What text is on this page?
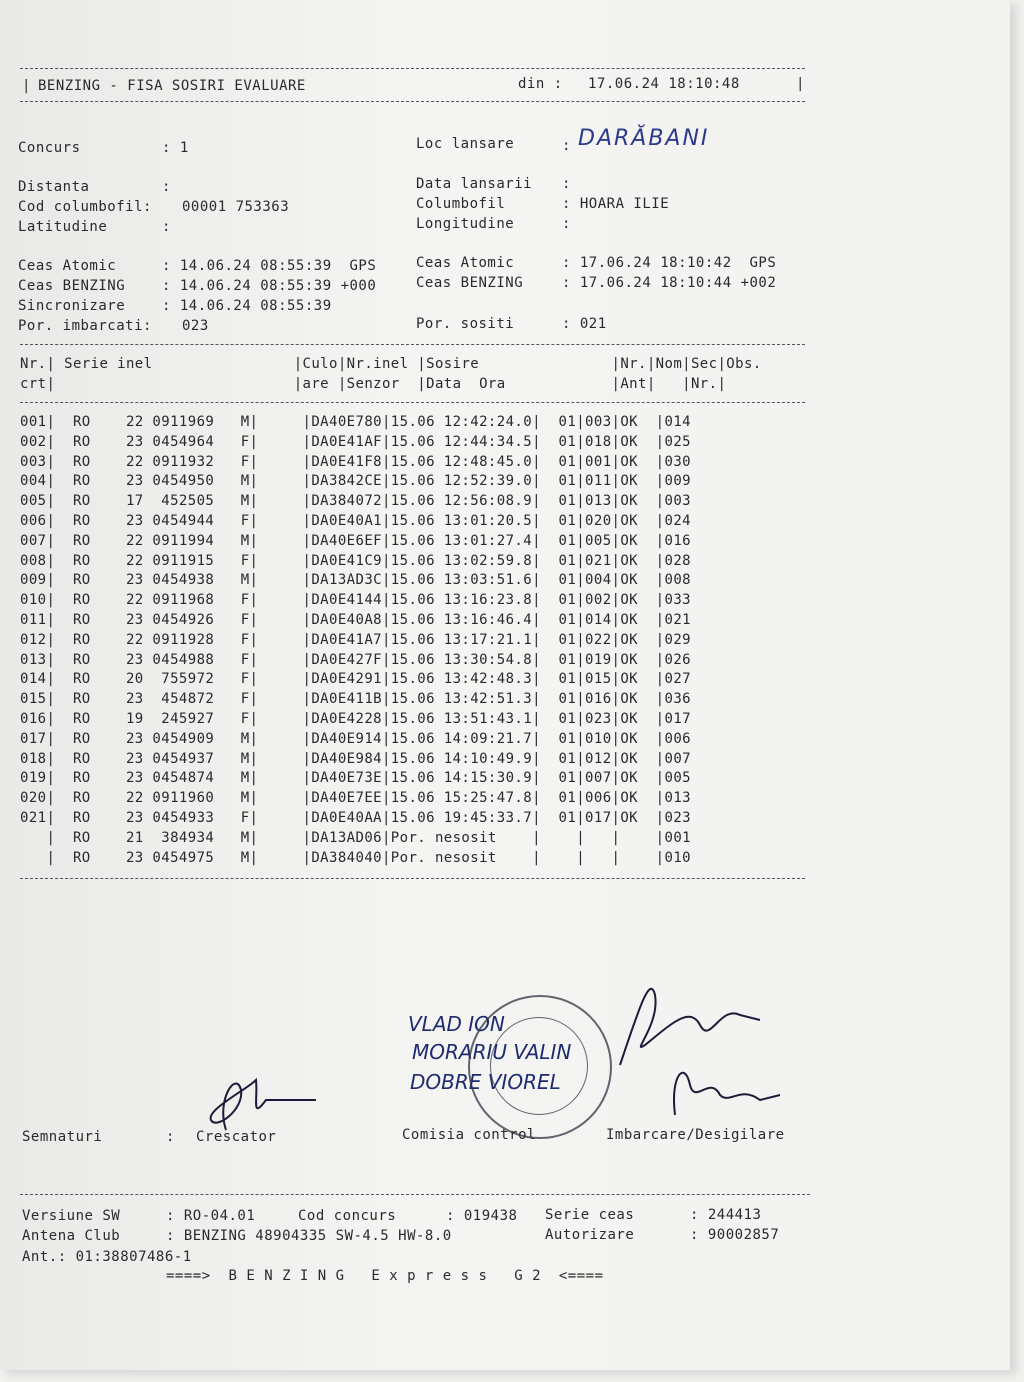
| BENZING - FISA SOSIRI EVALUARE	din : 17.06.24 18:10:48	|
Concurs	: 1	Loc lansare	: DARĂBANI
Distanta	:	Data lansarii :
Cod columbofil: 00001 753363	Columbofil	: HOARA ILIE
Latitudine	:	Longitudine	:
Ceas Atomic	: 14.06.24 08:55:39  GPS	Ceas Atomic	: 17.06.24 18:10:42  GPS
Ceas BENZING	: 14.06.24 08:55:39 +000	Ceas BENZING	: 17.06.24 18:10:44 +002
Sincronizare	: 14.06.24 08:55:39
Por. imbarcati: 023	Por. sositi	: 021
Nr.| Serie inel                |Culo|Nr.inel |Sosire               |Nr.|Nom|Sec|Obs.
crt|                           |are |Senzor  |Data  Ora            |Ant|   |Nr.|
001|  RO    22 0911969   M|     |DA40E780|15.06 12:42:24.0|  01|003|OK  |014
002|  RO    23 0454964   F|     |DA0E41AF|15.06 12:44:34.5|  01|018|OK  |025
003|  RO    22 0911932   F|     |DA0E41F8|15.06 12:48:45.0|  01|001|OK  |030
004|  RO    23 0454950   M|     |DA3842CE|15.06 12:52:39.0|  01|011|OK  |009
005|  RO    17  452505   M|     |DA384072|15.06 12:56:08.9|  01|013|OK  |003
006|  RO    23 0454944   F|     |DA0E40A1|15.06 13:01:20.5|  01|020|OK  |024
007|  RO    22 0911994   M|     |DA40E6EF|15.06 13:01:27.4|  01|005|OK  |016
008|  RO    22 0911915   F|     |DA0E41C9|15.06 13:02:59.8|  01|021|OK  |028
009|  RO    23 0454938   M|     |DA13AD3C|15.06 13:03:51.6|  01|004|OK  |008
010|  RO    22 0911968   F|     |DA0E4144|15.06 13:16:23.8|  01|002|OK  |033
011|  RO    23 0454926   F|     |DA0E40A8|15.06 13:16:46.4|  01|014|OK  |021
012|  RO    22 0911928   F|     |DA0E41A7|15.06 13:17:21.1|  01|022|OK  |029
013|  RO    23 0454988   F|     |DA0E427F|15.06 13:30:54.8|  01|019|OK  |026
014|  RO    20  755972   F|     |DA0E4291|15.06 13:42:48.3|  01|015|OK  |027
015|  RO    23  454872   F|     |DA0E411B|15.06 13:42:51.3|  01|016|OK  |036
016|  RO    19  245927   F|     |DA0E4228|15.06 13:51:43.1|  01|023|OK  |017
017|  RO    23 0454909   M|     |DA40E914|15.06 14:09:21.7|  01|010|OK  |006
018|  RO    23 0454937   M|     |DA40E984|15.06 14:10:49.9|  01|012|OK  |007
019|  RO    23 0454874   M|     |DA40E73E|15.06 14:15:30.9|  01|007|OK  |005
020|  RO    22 0911960   M|     |DA40E7EE|15.06 15:25:47.8|  01|006|OK  |013
021|  RO    23 0454933   F|     |DA0E40AA|15.06 19:45:33.7|  01|017|OK  |023
|  RO    21  384934   M|     |DA13AD06|Por. nesosit    |    |   |    |001
|  RO    23 0454975   M|     |DA384040|Por. nesosit    |    |   |    |010
VLAD ION
MORARIU VALIN
DOBRE VIOREL
Semnaturi	: Crescator	Comisia control	Imbarcare/Desigilare
Versiune SW	: RO-04.01	Cod concurs	: 019438 Serie ceas	: 244413
Antena Club	: BENZING 48904335 SW-4.5 HW-8.0	Autorizare	: 90002857
Ant.: 01:38807486-1
====>  B E N Z I N G   E x p r e s s   G 2  <====
